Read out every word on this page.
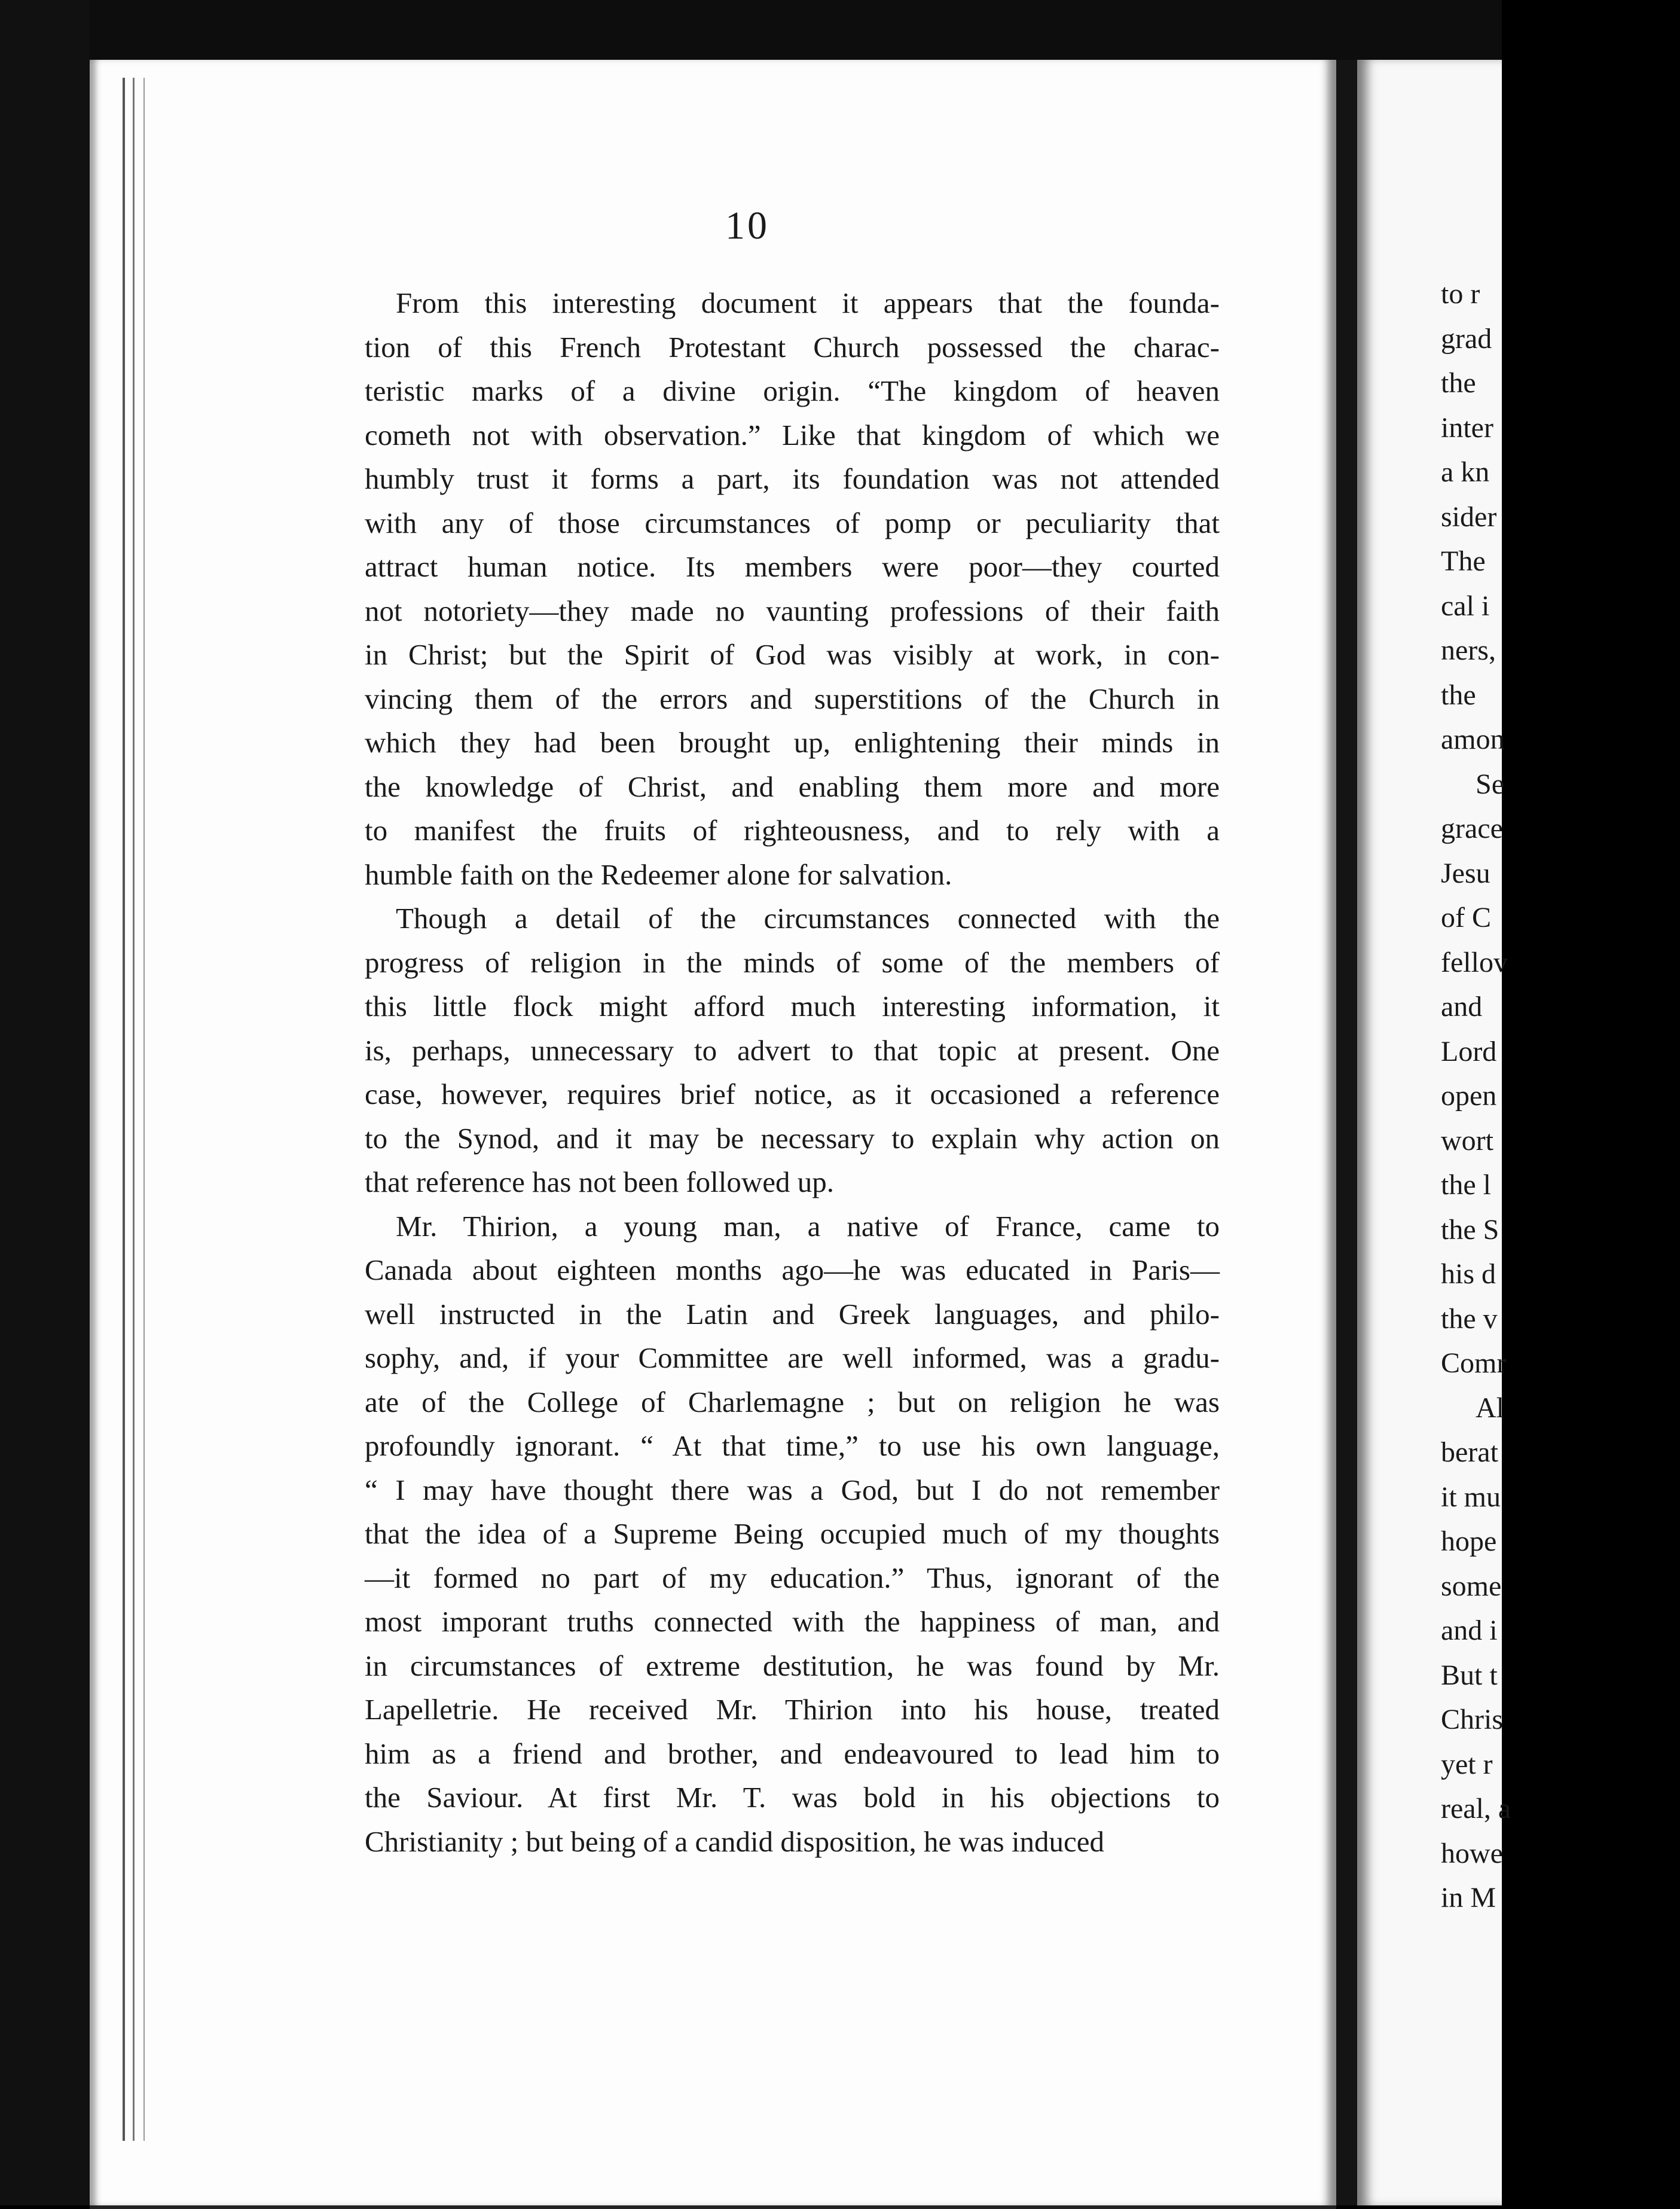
10
From this interesting document it appears that the founda-
tion of this French Protestant Church possessed the charac-
teristic marks of a divine origin. “The kingdom of heaven
cometh not with observation.” Like that kingdom of which we
humbly trust it forms a part, its foundation was not attended
with any of those circumstances of pomp or peculiarity that
attract human notice. Its members were poor—they courted
not notoriety—they made no vaunting professions of their faith
in Christ; but the Spirit of God was visibly at work, in con-
vincing them of the errors and superstitions of the Church in
which they had been brought up, enlightening their minds in
the knowledge of Christ, and enabling them more and more
to manifest the fruits of righteousness, and to rely with a
humble faith on the Redeemer alone for salvation.
Though a detail of the circumstances connected with the
progress of religion in the minds of some of the members of
this little flock might afford much interesting information, it
is, perhaps, unnecessary to advert to that topic at present. One
case, however, requires brief notice, as it occasioned a reference
to the Synod, and it may be necessary to explain why action on
that reference has not been followed up.
Mr. Thirion, a young man, a native of France, came to
Canada about eighteen months ago—he was educated in Paris—
well instructed in the Latin and Greek languages, and philo-
sophy, and, if your Committee are well informed, was a gradu-
ate of the College of Charlemagne ; but on religion he was
profoundly ignorant. “ At that time,” to use his own language,
“ I may have thought there was a God, but I do not remember
that the idea of a Supreme Being occupied much of my thoughts
—it formed no part of my education.” Thus, ignorant of the
most imporant truths connected with the happiness of man, and
in circumstances of extreme destitution, he was found by Mr.
Lapelletrie. He received Mr. Thirion into his house, treated
him as a friend and brother, and endeavoured to lead him to
the Saviour. At first Mr. T. was bold in his objections to
Christianity ; but being of a candid disposition, he was induced
to r
grad
the
inter
a kn
sider
The
cal i
ners,
the
amon
Se
grace
Jesu
of C
fellov
and
Lord
open
wort
the l
the S
his d
the v
Comr
Al
berat
it mu
hope
some
and i
But t
Chris
yet r
real, a
howe
in M
